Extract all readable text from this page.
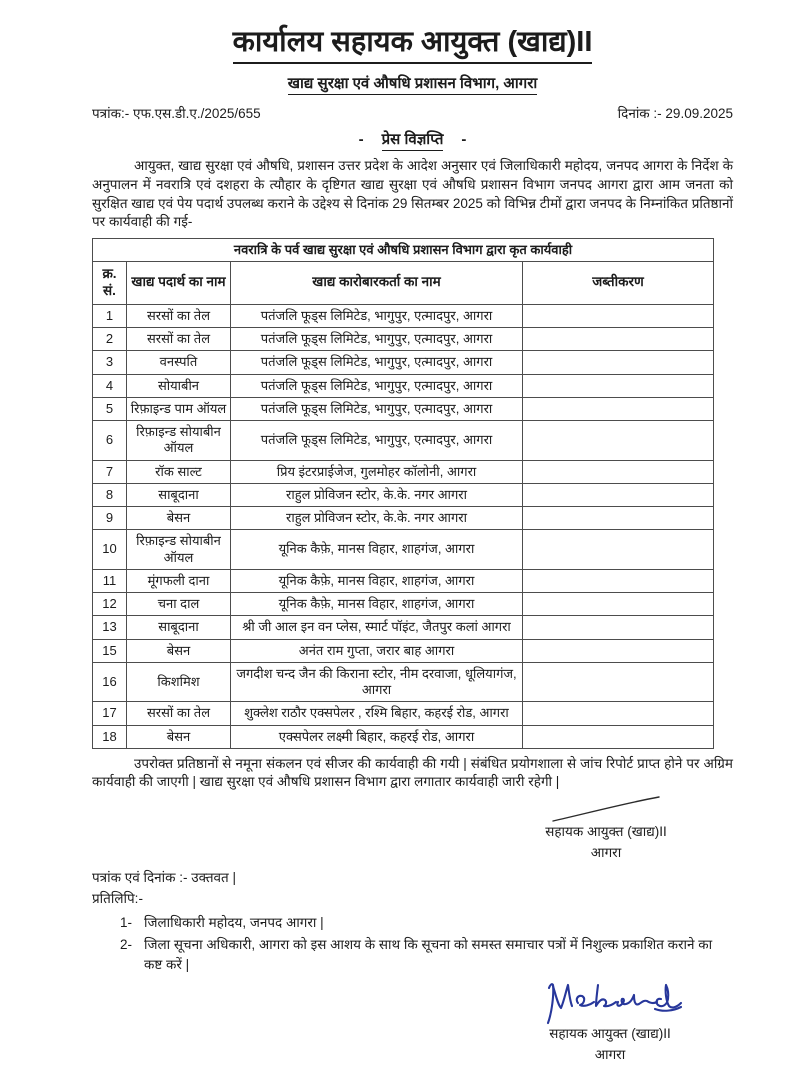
कार्यालय सहायक आयुक्त (खाद्य)II
खाद्य सुरक्षा एवं औषधि प्रशासन विभाग, आगरा
पत्रांक:- एफ.एस.डी.ए./2025/655	दिनांक :- 29.09.2025
- प्रेस विज्ञप्ति -

आयुक्त, खाद्य सुरक्षा एवं औषधि, प्रशासन उत्तर प्रदेश के आदेश अनुसार एवं जिलाधिकारी महोदय, जनपद आगरा के निर्देश के अनुपालन में नवरात्रि एवं दशहरा के त्यौहार के दृष्टिगत खाद्य सुरक्षा एवं औषधि प्रशासन विभाग जनपद आगरा द्वारा आम जनता को सुरक्षित खाद्य एवं पेय पदार्थ उपलब्ध कराने के उद्देश्य से दिनांक 29 सितम्बर 2025 को विभिन्न टीमों द्वारा जनपद के निम्नांकित प्रतिष्ठानों पर कार्यवाही की गई-

नवरात्रि के पर्व खाद्य सुरक्षा एवं औषधि प्रशासन विभाग द्वारा कृत कार्यवाही			
क्र. सं.	खाद्य पदार्थ का नाम	खाद्य कारोबारकर्ता का नाम	जब्तीकरण
1	सरसों का तेल	पतंजलि फूड्स लिमिटेड, भागुपुर, एत्मादपुर, आगरा	
2	सरसों का तेल	पतंजलि फूड्स लिमिटेड, भागुपुर, एत्मादपुर, आगरा	
3	वनस्पति	पतंजलि फूड्स लिमिटेड, भागुपुर, एत्मादपुर, आगरा	
4	सोयाबीन	पतंजलि फूड्स लिमिटेड, भागुपुर, एत्मादपुर, आगरा	
5	रिफ़ाइन्ड पाम ऑयल	पतंजलि फूड्स लिमिटेड, भागुपुर, एत्मादपुर, आगरा	
6	रिफ़ाइन्ड सोयाबीन ऑयल	पतंजलि फूड्स लिमिटेड, भागुपुर, एत्मादपुर, आगरा	
7	रॉक साल्ट	प्रिय इंटरप्राईजेज, गुलमोहर कॉलोनी, आगरा	
8	साबूदाना	राहुल प्रोविजन स्टोर, के.के. नगर आगरा	
9	बेसन	राहुल प्रोविजन स्टोर, के.के. नगर आगरा	
10	रिफ़ाइन्ड सोयाबीन ऑयल	यूनिक कैफ़े, मानस विहार, शाहगंज, आगरा	
11	मूंगफली दाना	यूनिक कैफ़े, मानस विहार, शाहगंज, आगरा	
12	चना दाल	यूनिक कैफ़े, मानस विहार, शाहगंज, आगरा	
13	साबूदाना	श्री जी आल इन वन प्लेस, स्मार्ट पॉइंट, जैतपुर कलां आगरा	
15	बेसन	अनंत राम गुप्ता, जरार बाह आगरा	
16	किशमिश	जगदीश चन्द जैन की किराना स्टोर, नीम दरवाजा, धूलियागंज, आगरा	
17	सरसों का तेल	शुक्लेश राठौर एक्सपेलर , रश्मि बिहार, कहरई रोड, आगरा	
18	बेसन	एक्सपेलर लक्ष्मी बिहार, कहरई रोड, आगरा	

उपरोक्त प्रतिष्ठानों से नमूना संकलन एवं सीजर की कार्यवाही की गयी | संबंधित प्रयोगशाला से जांच रिपोर्ट प्राप्त होने पर अग्रिम कार्यवाही की जाएगी | खाद्य सुरक्षा एवं औषधि प्रशासन विभाग द्वारा लगातार कार्यवाही जारी रहेगी |

सहायक आयुक्त (खाद्य)II
आगरा
पत्रांक एवं दिनांक :- उक्तवत |
प्रतिलिपि:-
1- जिलाधिकारी महोदय, जनपद आगरा |
2- जिला सूचना अधिकारी, आगरा को इस आशय के साथ कि सूचना को समस्त समाचार पत्रों में निशुल्क प्रकाशित कराने का कष्ट करें |
सहायक आयुक्त (खाद्य)II
आगरा
